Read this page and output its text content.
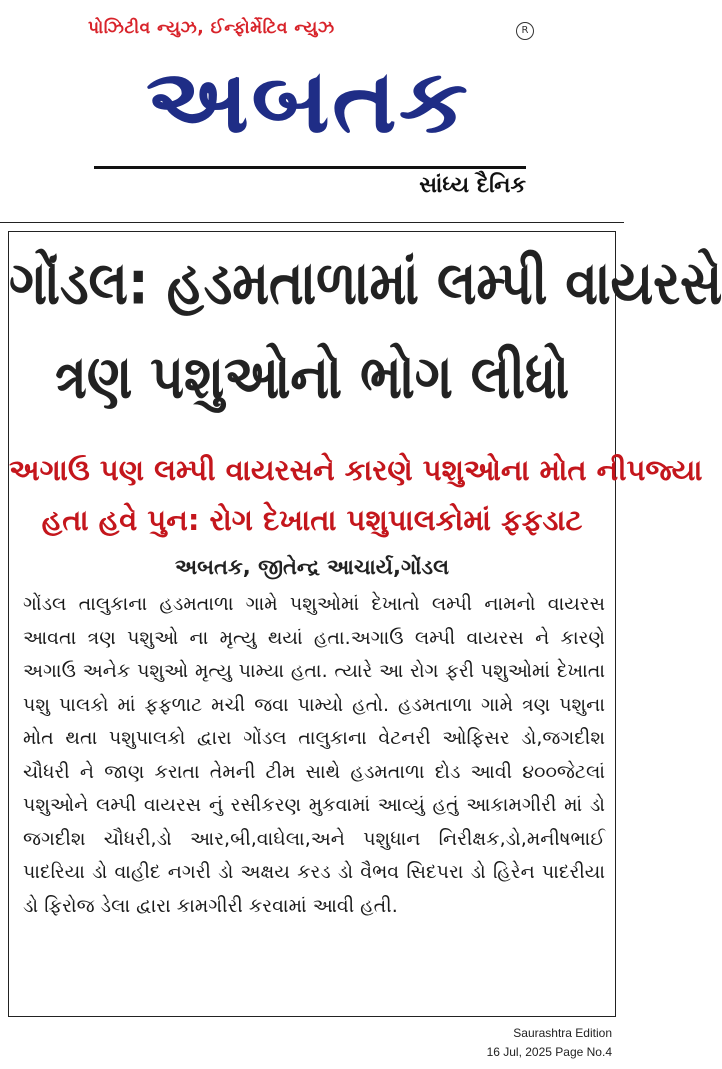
પોઝિટીવ ન્યુઝ, ઈન્ફોર્મેટિવ ન્યુઝ	R
અબતક
સાંધ્ય દૈનિક
ગોંડલ: હડમતાળામાં લમ્પી વાયરસે
ત્રણ પશુઓનો ભોગ લીધો
અગાઉ પણ લમ્પી વાયરસને કારણે પશુઓના મોત નીપજ્યા
હતા હવે પુન: રોગ દેખાતા પશુપાલકોમાં ફફડાટ
અબતક, જીતેન્દ્ર આચાર્ય,ગોંડલ
ગોંડલ તાલુકાના હડમતાળા ગામે પશુઓમાં દેખાતો લમ્પી નામનો વાયરસ આવતા ત્રણ પશુઓ ના મૃત્યુ થયાં હતા.અગાઉ લમ્પી વાયરસ ને કારણે અગાઉ અનેક પશુઓ મૃત્યુ પામ્યા હતા. ત્યારે આ રોગ ફરી પશુઓમાં દેખાતા પશુ પાલકો માં ફફળાટ મચી જવા પામ્યો હતો. હડમતાળા ગામે ત્રણ પશુના મોત થતા પશુપાલકો દ્વારા ગોંડલ તાલુકાના વેટનરી ઓફિસર ડો,જગદીશ ચૌધરી ને જાણ કરાતા તેમની ટીમ સાથે હડમતાળા દોડ આવી ૪૦૦જેટલાં પશુઓને લમ્પી વાયરસ નું રસીકરણ મુકવામાં આવ્યું હતું આકામગીરી માં ડો જગદીશ ચૌધરી,ડો આર,બી,વાઘેલા,અને પશુધાન નિરીક્ષક,ડો,મનીષભાઈ પાદરિયા ડો વાહીદ નગરી ડો અક્ષય કરડ ડો વૈભવ સિદપરા ડો હિરેન પાદરીયા ડો ફિરોજ ડેલા દ્વારા કામગીરી કરવામાં આવી હતી.
Saurashtra Edition
16 Jul, 2025 Page No.4
